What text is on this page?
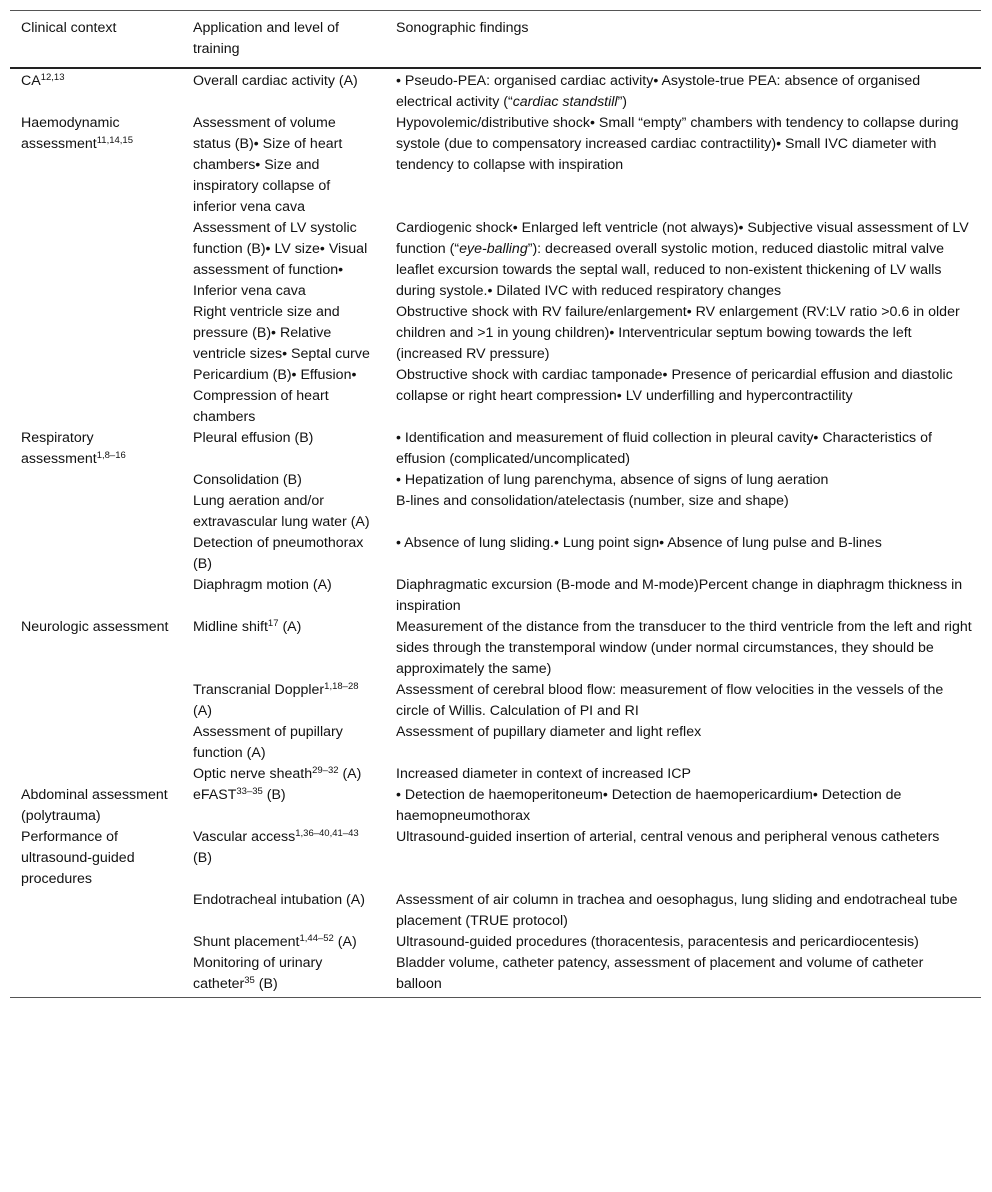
Clinical context	Application and level of training	Sonographic findings
CA$^{12,13}$	Overall cardiac activity (A)	• Pseudo-PEA: organised cardiac activity• Asystole-true PEA: absence of organised electrical activity (“cardiac standstill”)
Haemodynamic assessment$^{11,14,15}$	Assessment of volume status (B)• Size of heart chambers• Size and inspiratory collapse of inferior vena cava	Hypovolemic/distributive shock• Small “empty” chambers with tendency to collapse during systole (due to compensatory increased cardiac contractility)• Small IVC diameter with tendency to collapse with inspiration
	Assessment of LV systolic function (B)• LV size• Visual assessment of function• Inferior vena cava	Cardiogenic shock• Enlarged left ventricle (not always)• Subjective visual assessment of LV function (“eye-balling”): decreased overall systolic motion, reduced diastolic mitral valve leaflet excursion towards the septal wall, reduced to non-existent thickening of LV walls during systole.• Dilated IVC with reduced respiratory changes
	Right ventricle size and pressure (B)• Relative ventricle sizes• Septal curve	Obstructive shock with RV failure/enlargement• RV enlargement (RV:LV ratio >0.6 in older children and >1 in young children)• Interventricular septum bowing towards the left (increased RV pressure)
	Pericardium (B)• Effusion• Compression of heart chambers	Obstructive shock with cardiac tamponade• Presence of pericardial effusion and diastolic collapse or right heart compression• LV underfilling and hypercontractility
Respiratory assessment$^{1,8-16}$	Pleural effusion (B)	• Identification and measurement of fluid collection in pleural cavity• Characteristics of effusion (complicated/uncomplicated)
	Consolidation (B)	• Hepatization of lung parenchyma, absence of signs of lung aeration
	Lung aeration and/or extravascular lung water (A)	B-lines and consolidation/atelectasis (number, size and shape)
	Detection of pneumothorax (B)	• Absence of lung sliding.• Lung point sign• Absence of lung pulse and B-lines
	Diaphragm motion (A)	Diaphragmatic excursion (B-mode and M-mode)Percent change in diaphragm thickness in inspiration
Neurologic assessment	Midline shift$^{17}$ (A)	Measurement of the distance from the transducer to the third ventricle from the left and right sides through the transtemporal window (under normal circumstances, they should be approximately the same)
	Transcranial Doppler$^{1,18-28}$ (A)	Assessment of cerebral blood flow: measurement of flow velocities in the vessels of the circle of Willis. Calculation of PI and RI
	Assessment of pupillary function (A)	Assessment of pupillary diameter and light reflex
	Optic nerve sheath$^{29-32}$ (A)	Increased diameter in context of increased ICP
Abdominal assessment (polytrauma)	eFAST$^{33-35}$ (B)	• Detection de haemoperitoneum• Detection de haemopericardium• Detection de haemopneumothorax
Performance of ultrasound-guided procedures	Vascular access$^{1,36-40,41-43}$ (B)	Ultrasound-guided insertion of arterial, central venous and peripheral venous catheters
	Endotracheal intubation (A)	Assessment of air column in trachea and oesophagus, lung sliding and endotracheal tube placement (TRUE protocol)
	Shunt placement$^{1,44-52}$ (A)	Ultrasound-guided procedures (thoracentesis, paracentesis and pericardiocentesis)
	Monitoring of urinary catheter$^{35}$ (B)	Bladder volume, catheter patency, assessment of placement and volume of catheter balloon
